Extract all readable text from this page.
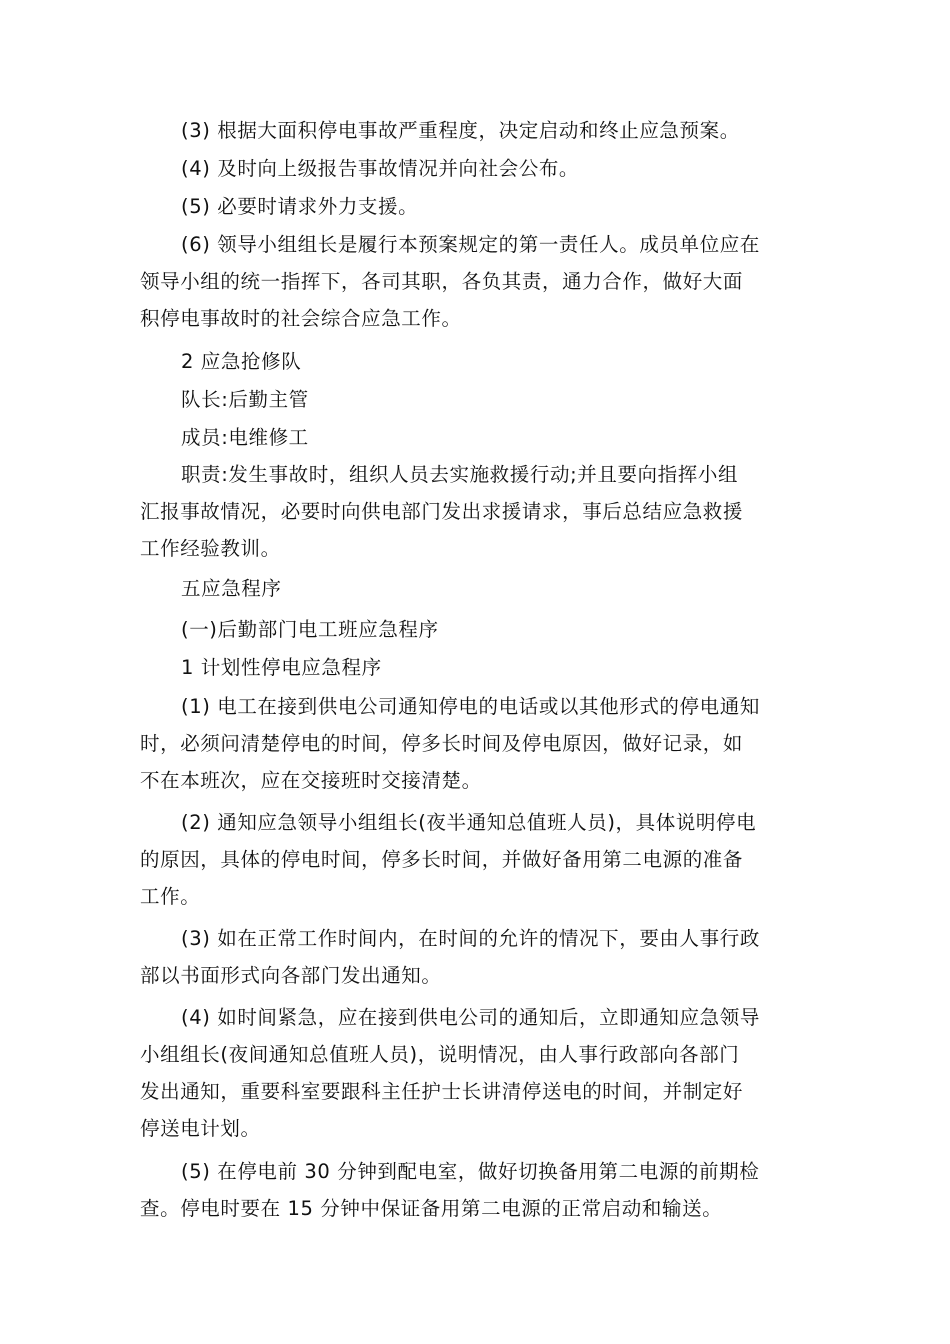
(3) 根据大面积停电事故严重程度，决定启动和终止应急预案。

(4) 及时向上级报告事故情况并向社会公布。

(5) 必要时请求外力支援。

(6) 领导小组组长是履行本预案规定的第一责任人。成员单位应在
领导小组的统一指挥下，各司其职，各负其责，通力合作，做好大面
积停电事故时的社会综合应急工作。

2 应急抢修队

队长:后勤主管

成员:电维修工

职责:发生事故时，组织人员去实施救援行动;并且要向指挥小组
汇报事故情况，必要时向供电部门发出求援请求，事后总结应急救援
工作经验教训。

五应急程序

(一)后勤部门电工班应急程序

1 计划性停电应急程序

(1) 电工在接到供电公司通知停电的电话或以其他形式的停电通知
时，必须问清楚停电的时间，停多长时间及停电原因，做好记录，如
不在本班次，应在交接班时交接清楚。

(2) 通知应急领导小组组长(夜半通知总值班人员)，具体说明停电
的原因，具体的停电时间，停多长时间，并做好备用第二电源的准备
工作。

(3) 如在正常工作时间内，在时间的允许的情况下，要由人事行政
部以书面形式向各部门发出通知。

(4) 如时间紧急，应在接到供电公司的通知后，立即通知应急领导
小组组长(夜间通知总值班人员)，说明情况，由人事行政部向各部门
发出通知，重要科室要跟科主任护士长讲清停送电的时间，并制定好
停送电计划。

(5) 在停电前 30 分钟到配电室，做好切换备用第二电源的前期检
查。停电时要在 15 分钟中保证备用第二电源的正常启动和输送。
